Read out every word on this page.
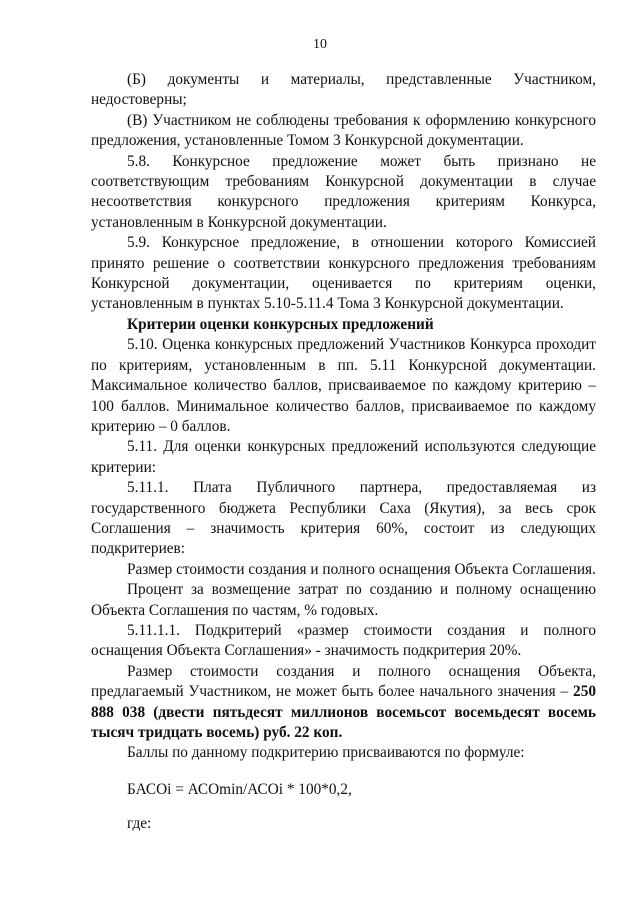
10

(Б) документы и материалы, представленные Участником, недостоверны;

(В) Участником не соблюдены требования к оформлению конкурсного предложения, установленные Томом 3 Конкурсной документации.

5.8. Конкурсное предложение может быть признано не соответствующим требованиям Конкурсной документации в случае несоответствия конкурсного предложения критериям Конкурса, установленным в Конкурсной документации.

5.9. Конкурсное предложение, в отношении которого Комиссией принято решение о соответствии конкурсного предложения требованиям Конкурсной документации, оценивается по критериям оценки, установленным в пунктах 5.10-5.11.4 Тома 3 Конкурсной документации.

Критерии оценки конкурсных предложений

5.10. Оценка конкурсных предложений Участников Конкурса проходит по критериям, установленным в пп. 5.11 Конкурсной документации. Максимальное количество баллов, присваиваемое по каждому критерию – 100 баллов. Минимальное количество баллов, присваиваемое по каждому критерию – 0 баллов.

5.11. Для оценки конкурсных предложений используются следующие критерии:

5.11.1. Плата Публичного партнера, предоставляемая из государственного бюджета Республики Саха (Якутия), за весь срок Соглашения – значимость критерия 60%, состоит из следующих подкритериев:

Размер стоимости создания и полного оснащения Объекта Соглашения.

Процент за возмещение затрат по созданию и полному оснащению Объекта Соглашения по частям, % годовых.

5.11.1.1. Подкритерий «размер стоимости создания и полного оснащения Объекта Соглашения» - значимость подкритерия 20%.

Размер стоимости создания и полного оснащения Объекта, предлагаемый Участником, не может быть более начального значения – 250 888 038 (двести пятьдесят миллионов восемьсот восемьдесят восемь тысяч тридцать восемь) руб. 22 коп.

Баллы по данному подкритерию присваиваются по формуле:

БАСОi = АСОmin/АСОi * 100*0,2,

где:
